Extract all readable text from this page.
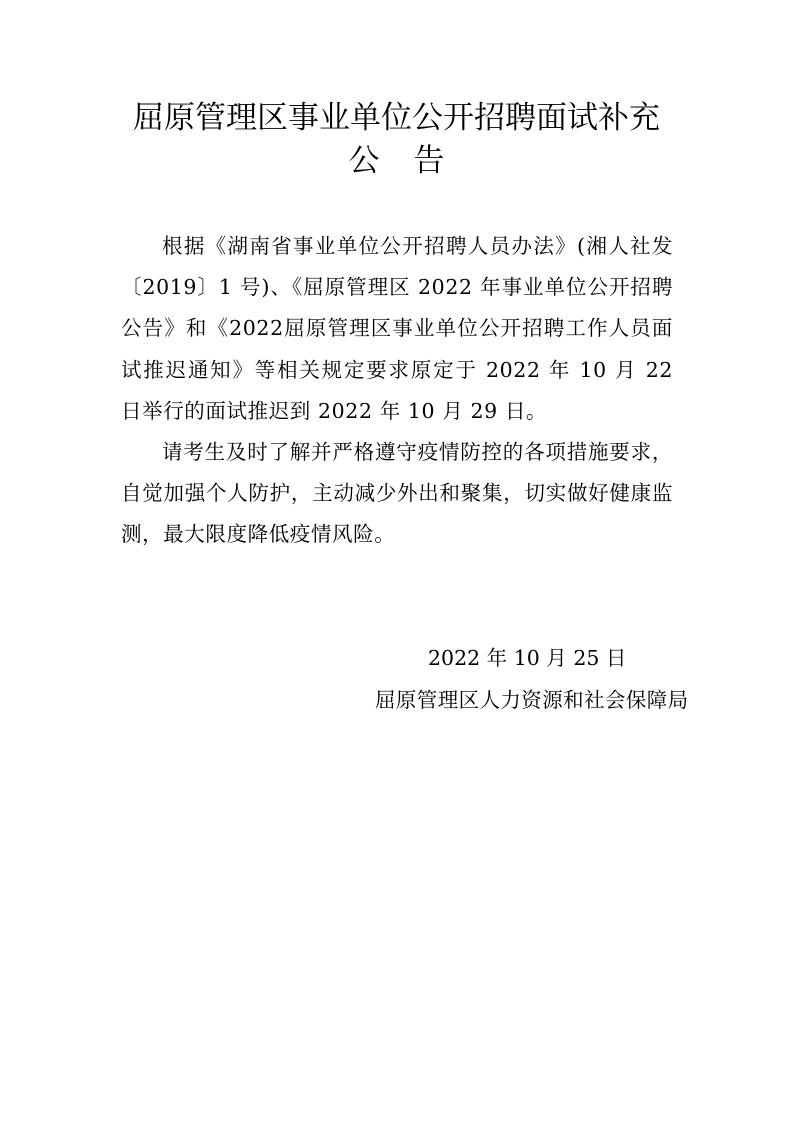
屈原管理区事业单位公开招聘面试补充
公告

根据《湖南省事业单位公开招聘人员办法》(湘人社发〔2019〕1 号)、《屈原管理区 2022 年事业单位公开招聘公告》和《2022屈原管理区事业单位公开招聘工作人员面试推迟通知》等相关规定要求原定于 2022 年 10 月 22 日举行的面试推迟到 2022 年 10 月 29 日。

请考生及时了解并严格遵守疫情防控的各项措施要求，自觉加强个人防护，主动减少外出和聚集，切实做好健康监测，最大限度降低疫情风险。

2022 年 10 月 25 日
屈原管理区人力资源和社会保障局
